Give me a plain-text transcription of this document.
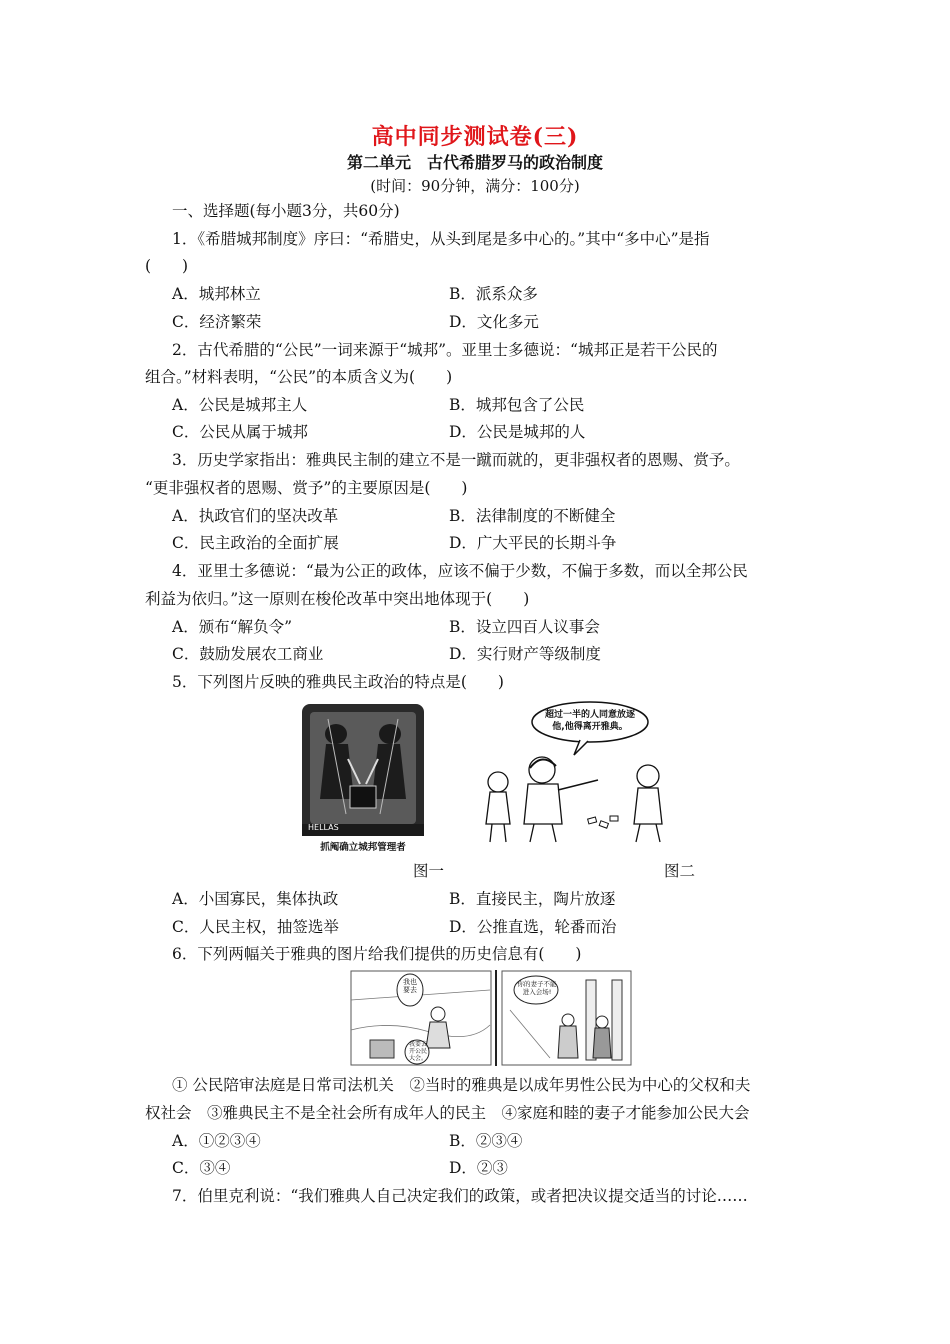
高中同步测试卷(三)
第二单元　古代希腊罗马的政治制度
(时间：90分钟，满分：100分)
一、选择题(每小题3分，共60分)
1．《希腊城邦制度》序曰：“希腊史，从头到尾是多中心的。”其中“多中心”是指
(　　)
A．城邦林立	B．派系众多
C．经济繁荣	D．文化多元
2．古代希腊的“公民”一词来源于“城邦”。亚里士多德说：“城邦正是若干公民的
组合。”材料表明，“公民”的本质含义为(　　)
A．公民是城邦主人	B．城邦包含了公民
C．公民从属于城邦	D．公民是城邦的人
3．历史学家指出：雅典民主制的建立不是一蹴而就的，更非强权者的恩赐、赏予。
“更非强权者的恩赐、赏予”的主要原因是(　　)
A．执政官们的坚决改革	B．法律制度的不断健全
C．民主政治的全面扩展	D．广大平民的长期斗争
4．亚里士多德说：“最为公正的政体，应该不偏于少数，不偏于多数，而以全邦公民
利益为依归。”这一原则在梭伦改革中突出地体现于(　　)
A．颁布“解负令”	B．设立四百人议事会
C．鼓励发展农工商业	D．实行财产等级制度
5．下列图片反映的雅典民主政治的特点是(　　)
HELLAS
抓阄确立城邦管理者
超过一半的人同意放逐他,他得离开雅典。
图一	图二
A．小国寡民，集体执政	B．直接民主，陶片放逐
C．人民主权，抽签选举	D．公推直选，轮番而治
6．下列两幅关于雅典的图片给我们提供的历史信息有(　　)
我也要去
我要去开公民大会。
你的妻子不能进入会场!
① 公民陪审法庭是日常司法机关　②当时的雅典是以成年男性公民为中心的父权和夫
权社会　③雅典民主不是全社会所有成年人的民主　④家庭和睦的妻子才能参加公民大会
A．①②③④	B．②③④
C．③④	D．②③
7．伯里克利说：“我们雅典人自己决定我们的政策，或者把决议提交适当的讨论……
